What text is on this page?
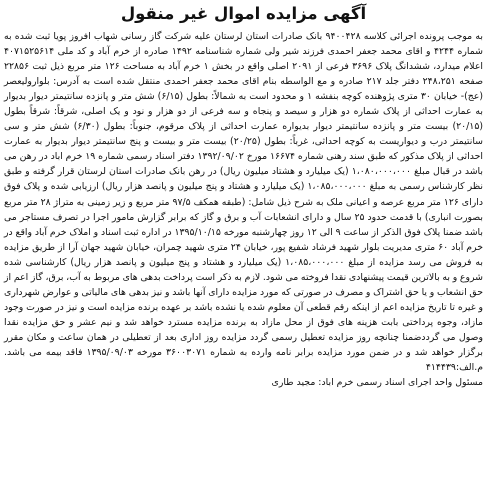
آگهی مزایده اموال غیر منقول

به موجب پرونده اجرائی کلاسه ۹۴۰۰۴۲۸ بانک صادرات استان لرستان علیه شرکت گاز رسانی شهاب افروز پویا ثبت شده به شماره ۴۲۴۴ و اقای محمد جعفر احمدی فرزند شیر ولی شماره شناسنامه ۱۴۹۲ صادره از خرم آباد و کد ملی ۴۰۷۱۵۲۵۶۱۴ اعلام میدارد، ششدانگ پلاک ۳۶۹۶ فرعی از ۲۰۹۱ اصلی واقع در بخش ۱ خرم آباد به مساحت ۱۲۶ متر مربع ذیل ثبت ۲۲۸۵۶ صفحه ۲۴۸،۲۵۱ دفتر جلد ۲۱۷ صادره و مع الواسطه بنام اقای محمد جعفر احمدی منتقل شده است به آدرس: بلوارولیعصر (عج)- خیابان ۳۰ متری پژوهنده کوچه بنفشه ۱ و محدود است به شمالاً: بطول (۶/۱۵) شش متر و پانزده سانتیمتر دیوار بدیوار به عمارت احداثی از پلاک شماره دو هزار و سیصد و پنجاه و سه فرعی از دو هزار و نود و یک اصلی، شرقاً: شرقاً بطول (۲۰/۱۵) بیست متر و پانزده سانتیمتر دیوار بدیواره عمارت احداثی از پلاک مرقوم، جنوباً: بطول (۶/۳۰) شش متر و سی سانتیمتر درب و دیواریست به کوچه احداثی، غرباً: بطول (۲۰/۲۵) بیست متر و بیست و پنج سانتیمتر دیوار بدیوار به عمارت احداثی از پلاک مذکور که طبق سند رهنی شماره ۱۶۶۷۴ مورخ ۱۳۹۲/۰۹/۰۲ دفتر اسناد رسمی شماره ۱۹ خرم اباد در رهن می باشد در قبال مبلغ ۱،۰۸۰،۰۰۰،۰۰۰ (یک میلیارد و هشتاد میلیون ریال) در رهن بانک صادرات استان لرستان قرار گرفته و طبق نظر کارشناس رسمی به مبلغ ۱،۰۸۵،۰۰۰،۰۰۰ (یک میلیارد و هشتاد و پنج میلیون و پانصد هزار ریال) ارزیابی شده و پلاک فوق دارای ۱۲۶ متر مربع عرصه و اعیانی ملک به شرح ذیل شامل: (طبقه همکف ۹۷/۵ متر مربع و زیر زمینی به متراژ ۲۸ متر مربع بصورت انباری) با قدمت حدود ۲۵ سال و دارای انشعابات آب و برق و گاز که برابر گزارش مامور اجرا در تصرف مستاجر می باشد ضمنا پلاک فوق الذکر از ساعت ۹ الی ۱۲ روز چهارشنبه مورخه ۱۳۹۵/۱۰/۱۵ در اداره ثبت اسناد و املاک خرم آباد واقع در خرم آباد ۶۰ متری مدیریت بلوار شهید فرشاد شفیع پور، خیابان ۲۴ متری شهید چمران، خیابان شهید جهان آرا از طریق مزایده به فروش می رسد مزایده از مبلغ ۱،۰۸۵،۰۰۰،۰۰۰ (یک میلیارد و هشتاد و پنج میلیون و پانصد هزار ریال) کارشناسی شده شروع و به بالاترین قیمت پیشنهادی نقدا فروخته می شود. لازم به ذکر است پرداخت بدهی های مربوط به آب، برق، گاز اعم از حق انشعاب و یا حق اشتراک و مصرف در صورتی که مورد مزایده دارای آنها باشد و نیز بدهی های مالیاتی و عوارض شهرداری و غیره تا تاریخ مزایده اعم از اینکه رقم قطعی آن معلوم شده یا نشده باشد بر عهده برنده مزایده است و نیز در صورت وجود مازاد، وجوه پرداختی بابت هزینه های فوق از محل مازاد به برنده مزایده مسترد خواهد شد و نیم عشر و حق مزایده نقدا وصول می گرددضمنا چنانچه روز مزایده تعطیل رسمی گردد مزایده روز اداری بعد از تعطیلی در همان ساعت و مکان مقرر برگزار خواهد شد و در ضمن مورد مزایده برابر نامه وارده به شماره ۳۶۰۰۳۰۷۱ مورخه ۱۳۹۵/۰۹/۰۳ فاقد بیمه می باشد. م.الف:۴۱۴۴۳۹

مسئول واحد اجرای اسناد رسمی خرم اباد: مجید طاری
